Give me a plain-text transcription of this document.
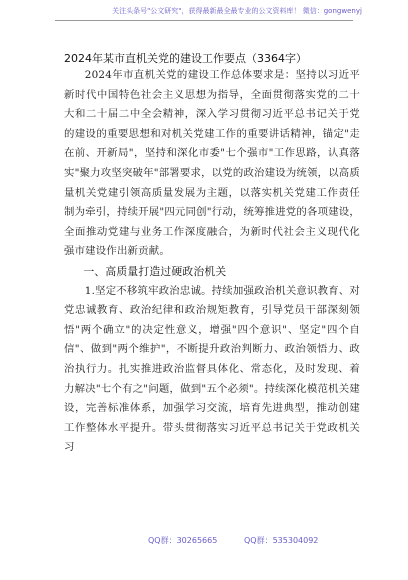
关注头条号"公文研究"，获得最新最全最专业的公文资料库！ 微信：gongwenyj
2024年某市直机关党的建设工作要点（3364字）

2024年市直机关党的建设工作总体要求是：坚持以习近平新时代中国特色社会主义思想为指导，全面贯彻落实党的二十大和二十届二中全会精神，深入学习贯彻习近平总书记关于党的建设的重要思想和对机关党建工作的重要讲话精神，锚定"走在前、开新局"，坚持和深化市委"七个强市"工作思路，认真落实"聚力攻坚突破年"部署要求，以党的政治建设为统领，以高质量机关党建引领高质量发展为主题，以落实机关党建工作责任制为牵引，持续开展"四元同创"行动，统筹推进党的各项建设，全面推动党建与业务工作深度融合，为新时代社会主义现代化强市建设作出新贡献。

一、高质量打造过硬政治机关

1.坚定不移筑牢政治忠诚。持续加强政治机关意识教育、对党忠诚教育、政治纪律和政治规矩教育，引导党员干部深刻领悟"两个确立"的决定性意义，增强"四个意识"、坚定"四个自信"、做到"两个维护"，不断提升政治判断力、政治领悟力、政治执行力。扎实推进政治监督具体化、常态化，及时发现、着力解决"七个有之"问题，做到"五个必须"。持续深化模范机关建设，完善标准体系，加强学习交流，培育先进典型，推动创建工作整体水平提升。带头贯彻落实习近平总书记关于党政机关习

QQ群：30265665	QQ群：535304092
